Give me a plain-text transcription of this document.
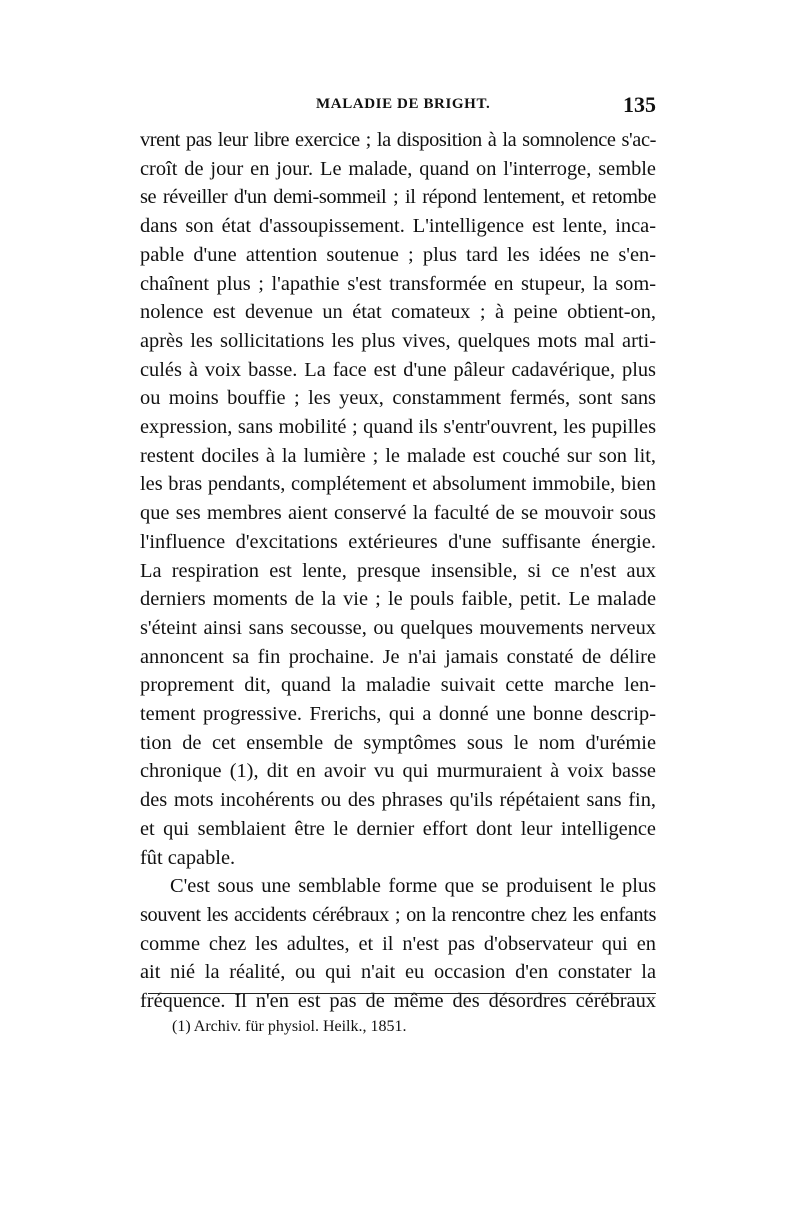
MALADIE DE BRIGHT.	135
vrent pas leur libre exercice ; la disposition à la somnolence s'ac-
croît de jour en jour. Le malade, quand on l'interroge, semble
se réveiller d'un demi-sommeil ; il répond lentement, et retombe
dans son état d'assoupissement. L'intelligence est lente, inca-
pable d'une attention soutenue ; plus tard les idées ne s'en-
chaînent plus ; l'apathie s'est transformée en stupeur, la som-
nolence est devenue un état comateux ; à peine obtient-on,
après les sollicitations les plus vives, quelques mots mal arti-
culés à voix basse. La face est d'une pâleur cadavérique, plus
ou moins bouffie ; les yeux, constamment fermés, sont sans
expression, sans mobilité ; quand ils s'entr'ouvrent, les pupilles
restent dociles à la lumière ; le malade est couché sur son lit,
les bras pendants, complétement et absolument immobile, bien
que ses membres aient conservé la faculté de se mouvoir sous
l'influence d'excitations extérieures d'une suffisante énergie.
La respiration est lente, presque insensible, si ce n'est aux
derniers moments de la vie ; le pouls faible, petit. Le malade
s'éteint ainsi sans secousse, ou quelques mouvements nerveux
annoncent sa fin prochaine. Je n'ai jamais constaté de délire
proprement dit, quand la maladie suivait cette marche len-
tement progressive. Frerichs, qui a donné une bonne descrip-
tion de cet ensemble de symptômes sous le nom d'urémie
chronique (1), dit en avoir vu qui murmuraient à voix basse
des mots incohérents ou des phrases qu'ils répétaient sans fin,
et qui semblaient être le dernier effort dont leur intelligence
fût capable.
C'est sous une semblable forme que se produisent le plus
souvent les accidents cérébraux ; on la rencontre chez les enfants
comme chez les adultes, et il n'est pas d'observateur qui en
ait nié la réalité, ou qui n'ait eu occasion d'en constater la
fréquence. Il n'en est pas de même des désordres cérébraux
(1) Archiv. für physiol. Heilk., 1851.
